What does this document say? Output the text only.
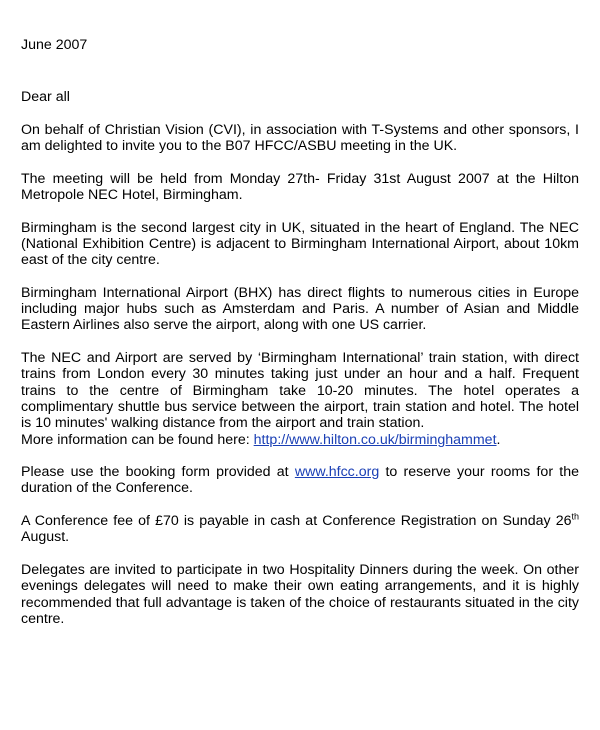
June 2007

Dear all

On behalf of Christian Vision (CVI), in association with T-Systems and other sponsors, I am delighted to invite you to the B07 HFCC/ASBU meeting in the UK.

The meeting will be held from Monday 27th- Friday 31st August 2007 at the Hilton Metropole NEC Hotel, Birmingham.

Birmingham is the second largest city in UK, situated in the heart of England. The NEC (National Exhibition Centre) is adjacent to Birmingham International Airport, about 10km east of the city centre.

Birmingham International Airport (BHX) has direct flights to numerous cities in Europe including major hubs such as Amsterdam and Paris. A number of Asian and Middle Eastern Airlines also serve the airport, along with one US carrier.

The NEC and Airport are served by ‘Birmingham International’ train station, with direct trains from London every 30 minutes taking just under an hour and a half. Frequent trains to the centre of Birmingham take 10-20 minutes. The hotel operates a complimentary shuttle bus service between the airport, train station and hotel. The hotel is 10 minutes' walking distance from the airport and train station.

More information can be found here: http://www.hilton.co.uk/birminghammet.

Please use the booking form provided at www.hfcc.org to reserve your rooms for the duration of the Conference.

A Conference fee of £70 is payable in cash at Conference Registration on Sunday 26th August.

Delegates are invited to participate in two Hospitality Dinners during the week. On other evenings delegates will need to make their own eating arrangements, and it is highly recommended that full advantage is taken of the choice of restaurants situated in the city centre.
